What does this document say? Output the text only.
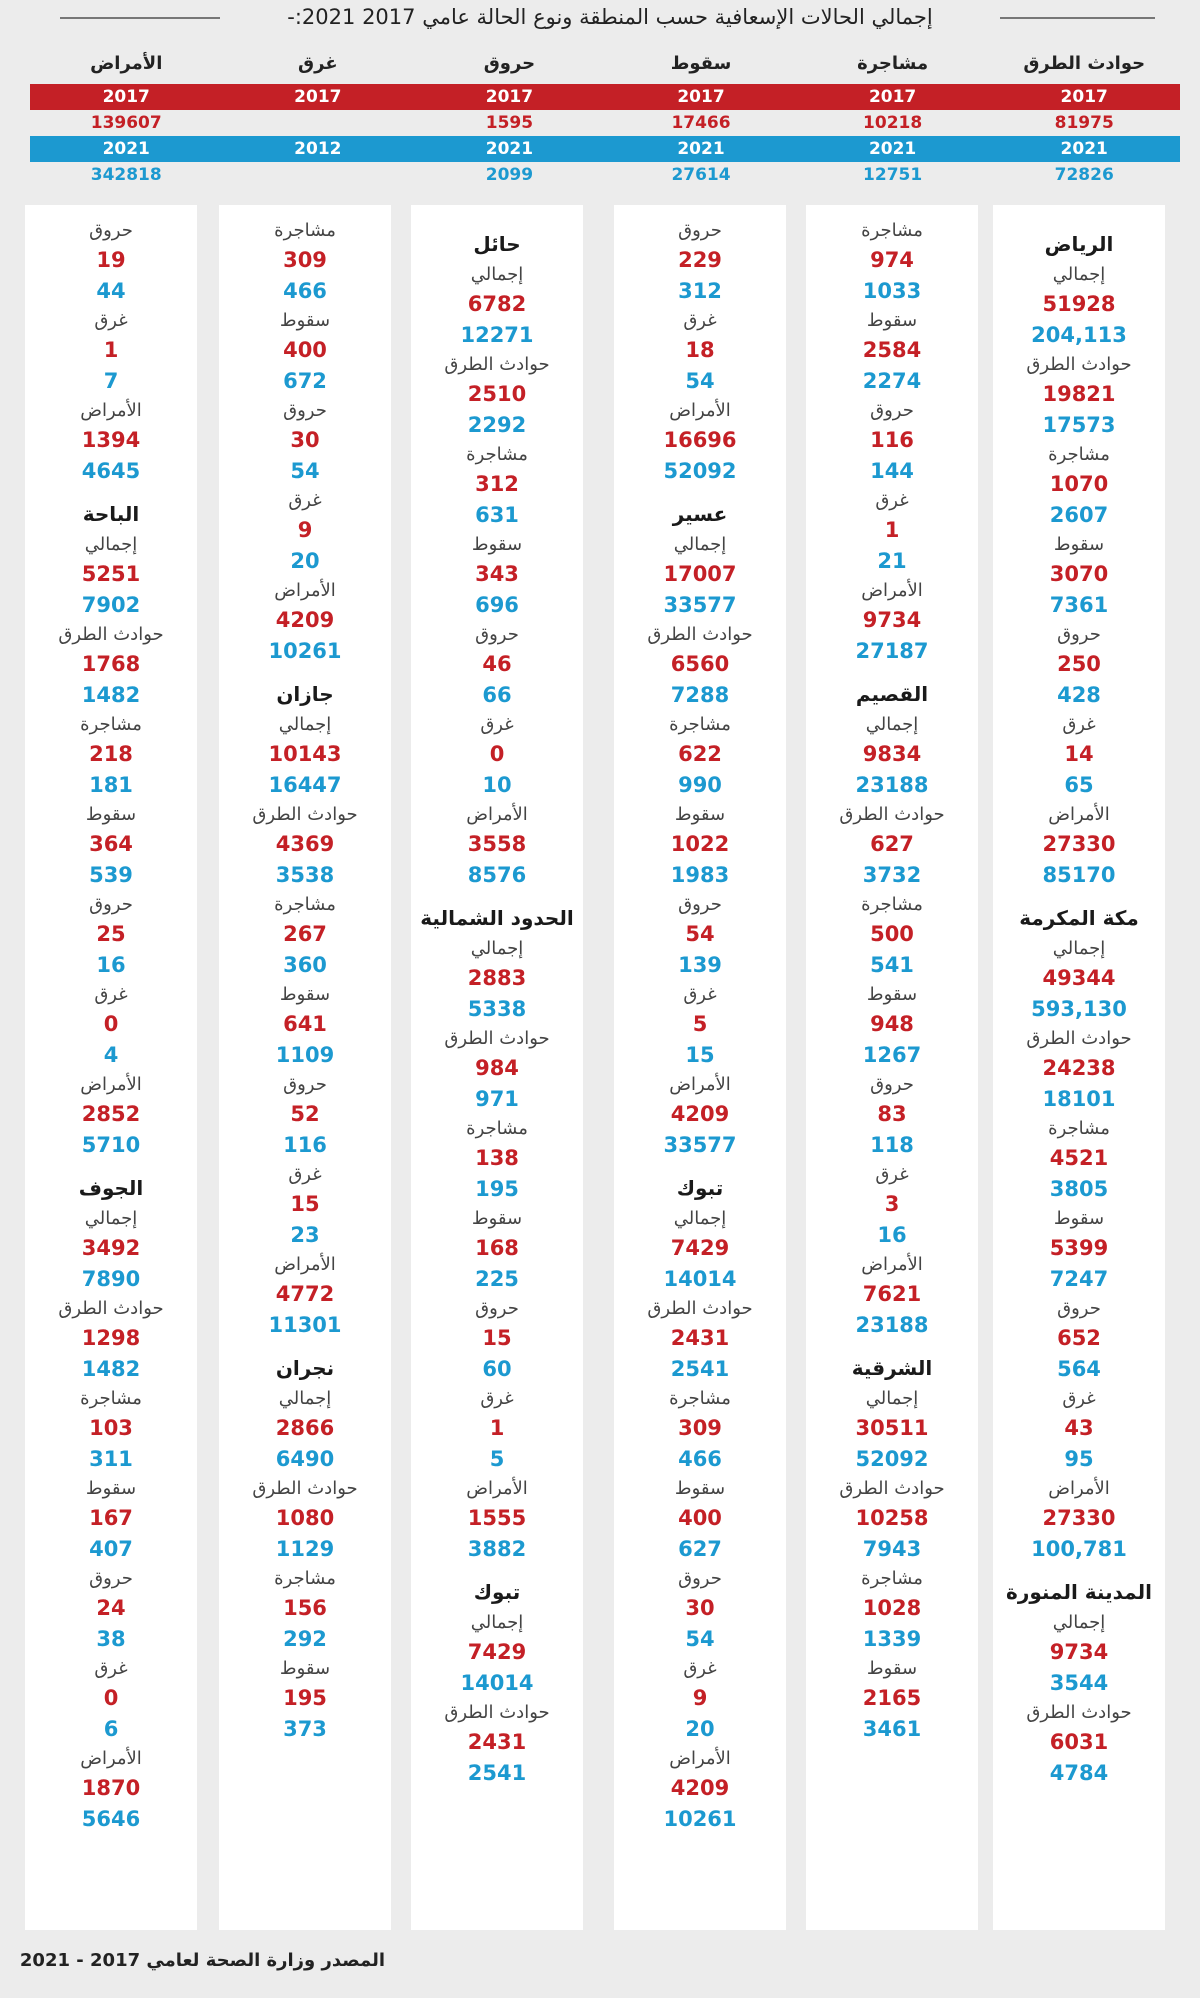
إجمالي الحالات الإسعافية حسب المنطقة ونوع الحالة عامي 2017 2021:-
حوادث الطرق
مشاجرة
سقوط
حروق
غرق
الأمراض
2017
2017
2017
2017
2017
2017
81975
10218
17466
1595
139607
2021
2021
2021
2021
2012
2021
72826
12751
27614
2099
342818
الرياض
إجمالي
51928
204,113
حوادث الطرق
19821
17573
مشاجرة
1070
2607
سقوط
3070
7361
حروق
250
428
غرق
14
65
الأمراض
27330
85170
مكة المكرمة
إجمالي
49344
593,130
حوادث الطرق
24238
18101
مشاجرة
4521
3805
سقوط
5399
7247
حروق
652
564
غرق
43
95
الأمراض
27330
100,781
المدينة المنورة
إجمالي
9734
3544
حوادث الطرق
6031
4784
مشاجرة
974
1033
سقوط
2584
2274
حروق
116
144
غرق
1
21
الأمراض
9734
27187
القصيم
إجمالي
9834
23188
حوادث الطرق
627
3732
مشاجرة
500
541
سقوط
948
1267
حروق
83
118
غرق
3
16
الأمراض
7621
23188
الشرقية
إجمالي
30511
52092
حوادث الطرق
10258
7943
مشاجرة
1028
1339
سقوط
2165
3461
حروق
229
312
غرق
18
54
الأمراض
16696
52092
عسير
إجمالي
17007
33577
حوادث الطرق
6560
7288
مشاجرة
622
990
سقوط
1022
1983
حروق
54
139
غرق
5
15
الأمراض
4209
33577
تبوك
إجمالي
7429
14014
حوادث الطرق
2431
2541
مشاجرة
309
466
سقوط
400
627
حروق
30
54
غرق
9
20
الأمراض
4209
10261
حائل
إجمالي
6782
12271
حوادث الطرق
2510
2292
مشاجرة
312
631
سقوط
343
696
حروق
46
66
غرق
0
10
الأمراض
3558
8576
الحدود الشمالية
إجمالي
2883
5338
حوادث الطرق
984
971
مشاجرة
138
195
سقوط
168
225
حروق
15
60
غرق
1
5
الأمراض
1555
3882
تبوك
إجمالي
7429
14014
حوادث الطرق
2431
2541
مشاجرة
309
466
سقوط
400
672
حروق
30
54
غرق
9
20
الأمراض
4209
10261
جازان
إجمالي
10143
16447
حوادث الطرق
4369
3538
مشاجرة
267
360
سقوط
641
1109
حروق
52
116
غرق
15
23
الأمراض
4772
11301
نجران
إجمالي
2866
6490
حوادث الطرق
1080
1129
مشاجرة
156
292
سقوط
195
373
حروق
19
44
غرق
1
7
الأمراض
1394
4645
الباحة
إجمالي
5251
7902
حوادث الطرق
1768
1482
مشاجرة
218
181
سقوط
364
539
حروق
25
16
غرق
0
4
الأمراض
2852
5710
الجوف
إجمالي
3492
7890
حوادث الطرق
1298
1482
مشاجرة
103
311
سقوط
167
407
حروق
24
38
غرق
0
6
الأمراض
1870
5646
المصدر وزارة الصحة لعامي 2017 - 2021
